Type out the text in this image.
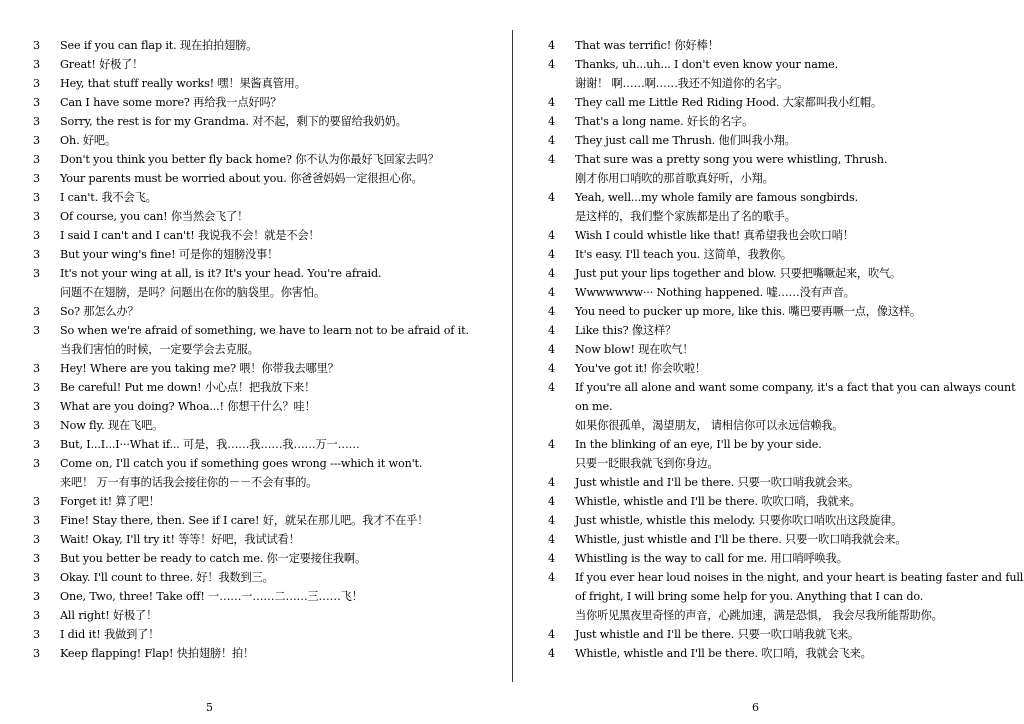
5
3 See if you can flap it. 现在拍拍翅膀。
3 Great! 好极了！
3 Hey, that stuff really works! 嘿！果酱真管用。
3 Can I have some more? 再给我一点好吗？
3 Sorry, the rest is for my Grandma. 对不起，剩下的要留给我奶奶。
3 Oh. 好吧。
3 Don't you think you better fly back home? 你不认为你最好飞回家去吗？
3 Your parents must be worried about you. 你爸爸妈妈一定很担心你。
3 I can't. 我不会飞。
3 Of course, you can! 你当然会飞了！
3 I said I can't and I can't! 我说我不会！就是不会！
3 But your wing's fine! 可是你的翅膀没事！
3 It's not your wing at all, is it? It's your head. You're afraid.
问题不在翅膀，是吗？问题出在你的脑袋里。你害怕。
3 So? 那怎么办？
3 So when we're afraid of something, we have to learn not to be afraid of it.
当我们害怕的时候，一定要学会去克服。
3 Hey! Where are you taking me? 喂！你带我去哪里？
3 Be careful! Put me down! 小心点！把我放下来！
3 What are you doing? Whoa...! 你想干什么？哇！
3 Now fly. 现在飞吧。
3 But, I...I...I···What if... 可是，我……我……我……万一……
3 Come on, I'll catch you if something goes wrong ---which it won't.
来吧！ 万一有事的话我会接住你的－－不会有事的。
3 Forget it! 算了吧！
3 Fine! Stay there, then. See if I care! 好，就呆在那儿吧。我才不在乎！
3 Wait! Okay, I'll try it! 等等！好吧，我试试看！
3 But you better be ready to catch me. 你一定要接住我啊。
3 Okay. I'll count to three. 好！我数到三。
3 One, Two, three! Take off! 一……一……二……三……飞！
3 All right! 好极了！
3 I did it! 我做到了！
3 Keep flapping! Flap! 快拍翅膀！拍！
6
4 That was terrific! 你好棒！
4 Thanks, uh...uh... I don't even know your name.
谢谢！ 啊……啊……我还不知道你的名字。
4 They call me Little Red Riding Hood. 大家都叫我小红帽。
4 That's a long name. 好长的名字。
4 They just call me Thrush. 他们叫我小翔。
4 That sure was a pretty song you were whistling, Thrush.
刚才你用口哨吹的那首歌真好听，小翔。
4 Yeah, well...my whole family are famous songbirds.
是这样的，我们整个家族都是出了名的歌手。
4 Wish I could whistle like that! 真希望我也会吹口哨！
4 It's easy. I'll teach you. 这简单，我教你。
4 Just put your lips together and blow. 只要把嘴噘起来，吹气。
4 Wwwwwww··· Nothing happened. 嘘……没有声音。
4 You need to pucker up more, like this. 嘴巴要再噘一点，像这样。
4 Like this? 像这样？
4 Now blow! 现在吹气！
4 You've got it! 你会吹啦！
4 If you're all alone and want some company, it's a fact that you can always count
on me.
如果你很孤单，渴望朋友， 请相信你可以永远信赖我。
4 In the blinking of an eye, I'll be by your side.
只要一眨眼我就飞到你身边。
4 Just whistle and I'll be there. 只要一吹口哨我就会来。
4 Whistle, whistle and I'll be there. 吹吹口哨，我就来。
4 Just whistle, whistle this melody. 只要你吹口哨吹出这段旋律。
4 Whistle, just whistle and I'll be there. 只要一吹口哨我就会来。
4 Whistling is the way to call for me. 用口哨呼唤我。
4 If you ever hear loud noises in the night, and your heart is beating faster and full
of fright, I will bring some help for you. Anything that I can do.
当你听见黑夜里奇怪的声音，心跳加速，满是恐惧， 我会尽我所能帮助你。
4 Just whistle and I'll be there. 只要一吹口哨我就飞来。
4 Whistle, whistle and I'll be there. 吹口哨，我就会飞来。
